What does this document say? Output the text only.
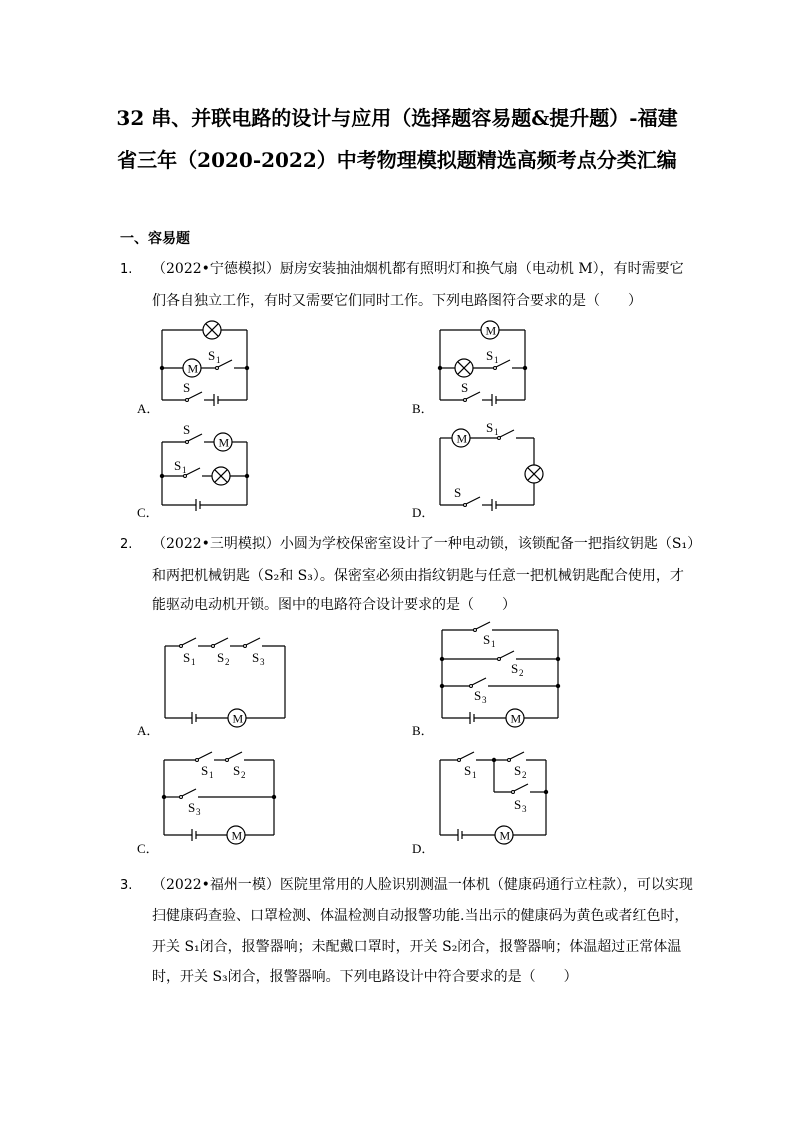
32 串、并联电路的设计与应用（选择题容易题&提升题）-福建
省三年（2020-2022）中考物理模拟题精选高频考点分类汇编
一、容易题
1. （2022•宁德模拟）厨房安装抽油烟机都有照明灯和换气扇（电动机 M），有时需要它
们各自独立工作，有时又需要它们同时工作。下列电路图符合要求的是（　　）
A．
M
S 1
S
B．
M
S 1
S
C．
M
S
S 1
D．
M
S 1
S
2. （2022•三明模拟）小圆为学校保密室设计了一种电动锁，该锁配备一把指纹钥匙（S₁）
和两把机械钥匙（S₂和 S₃）。保密室必须由指纹钥匙与任意一把机械钥匙配合使用，才
能驱动电动机开锁。图中的电路符合设计要求的是（　　）
A．
S 1 S 2 S 3
M
B．
S 1
S 2
S 3
M
C．
S 1 S 2
S 3
M
D．
S 1	S 2
S 3
M
3. （2022•福州一模）医院里常用的人脸识别测温一体机（健康码通行立柱款），可以实现
扫健康码查验、口罩检测、体温检测自动报警功能.当出示的健康码为黄色或者红色时，
开关 S₁闭合，报警器响；未配戴口罩时，开关 S₂闭合，报警器响；体温超过正常体温
时，开关 S₃闭合，报警器响。下列电路设计中符合要求的是（　　）
